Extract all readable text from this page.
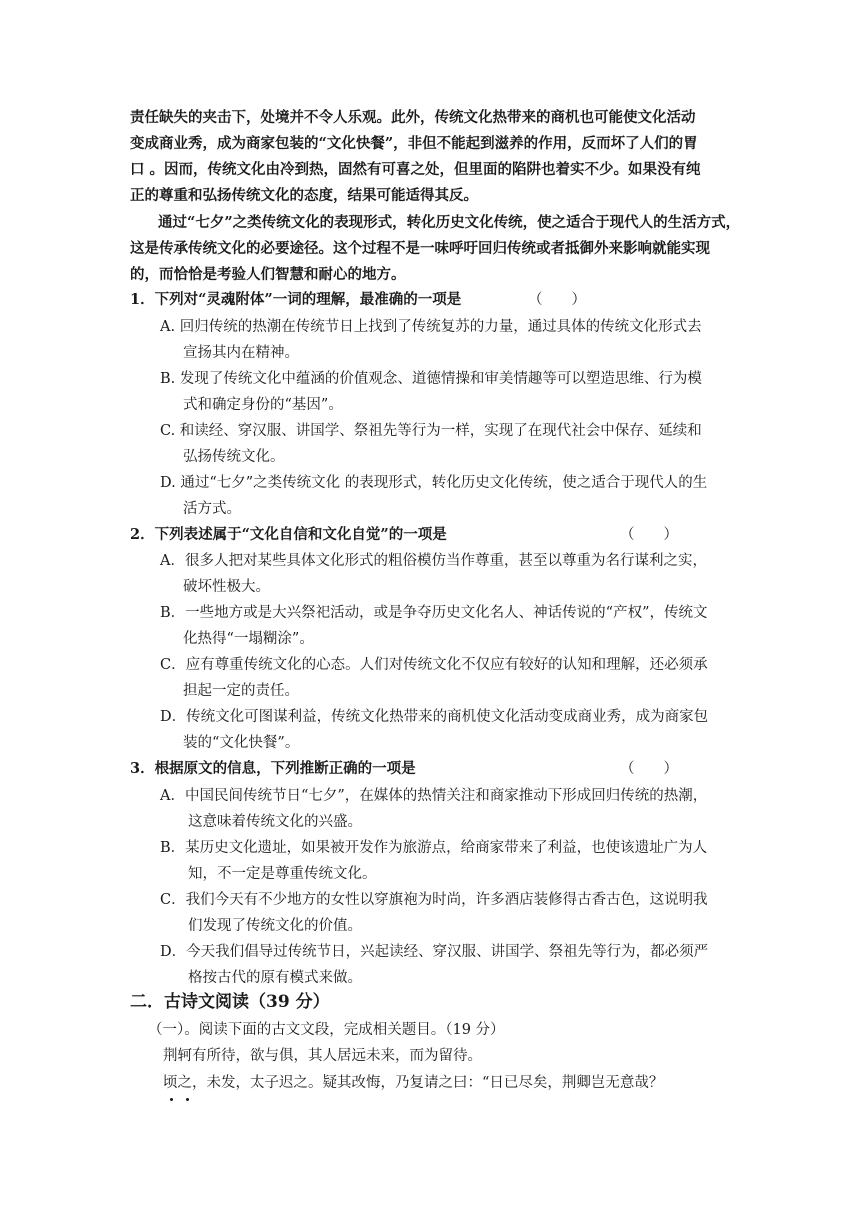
责任缺失的夹击下，处境并不令人乐观。此外，传统文化热带来的商机也可能使文化活动
变成商业秀，成为商家包装的“文化快餐”，非但不能起到滋养的作用，反而坏了人们的胃
口 。因而，传统文化由冷到热，固然有可喜之处，但里面的陷阱也着实不少。如果没有纯
正的尊重和弘扬传统文化的态度，结果可能适得其反。
通过“七夕”之类传统文化的表现形式，转化历史文化传统，使之适合于现代人的生活方式，
这是传承传统文化的必要途径。这个过程不是一味呼吁回归传统或者抵御外来影响就能实现
的，而恰恰是考验人们智慧和耐心的地方。
1．下列对“灵魂附体”一词的理解，最准确的一项是	（　　）
A. 回归传统的热潮在传统节日上找到了传统复苏的力量，通过具体的传统文化形式去
宣扬其内在精神。
B. 发现了传统文化中蕴涵的价值观念、道德情操和审美情趣等可以塑造思维、行为模
式和确定身份的“基因”。
C. 和读经、穿汉服、讲国学、祭祖先等行为一样，实现了在现代社会中保存、延续和
弘扬传统文化。
D. 通过“七夕”之类传统文化 的表现形式，转化历史文化传统，使之适合于现代人的生
活方式。
2．下列表述属于“文化自信和文化自觉”的一项是	（　　）
A．很多人把对某些具体文化形式的粗俗模仿当作尊重，甚至以尊重为名行谋利之实，
破坏性极大。
B．一些地方或是大兴祭祀活动，或是争夺历史文化名人、神话传说的“产权”，传统文
化热得“一塌糊涂”。
C．应有尊重传统文化的心态。人们对传统文化不仅应有较好的认知和理解，还必须承
担起一定的责任。
D．传统文化可图谋利益，传统文化热带来的商机使文化活动变成商业秀，成为商家包
装的“文化快餐”。
3．根据原文的信息，下列推断正确的一项是	（　　）
A．中国民间传统节日“七夕”，在媒体的热情关注和商家推动下形成回归传统的热潮，
这意味着传统文化的兴盛。
B．某历史文化遗址，如果被开发作为旅游点，给商家带来了利益，也使该遗址广为人
知，不一定是尊重传统文化。
C．我们今天有不少地方的女性以穿旗袍为时尚，许多酒店装修得古香古色，这说明我
们发现了传统文化的价值。
D．今天我们倡导过传统节日，兴起读经、穿汉服、讲国学、祭祖先等行为，都必须严
格按古代的原有模式来做。
二．古诗文阅读（39 分）
（一）。阅读下面的古文文段，完成相关题目。（19 分）
荆轲有所待，欲与俱，其人居远未来，而为留待。
顷之，未发，太子迟之。疑其改悔，乃复请之曰：“日已尽矣，荆卿岂无意哉？
